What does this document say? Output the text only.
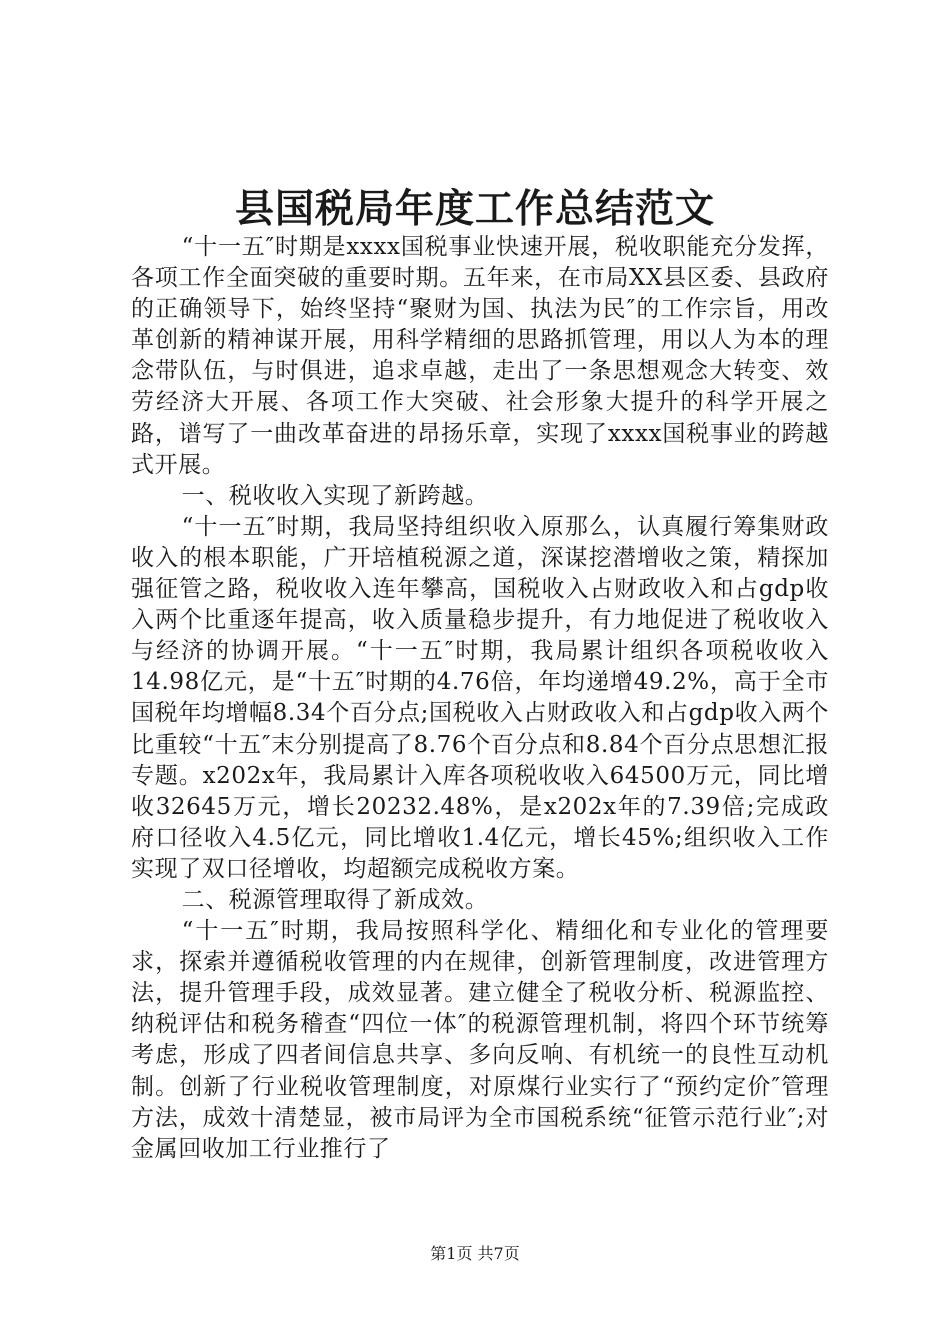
县国税局年度工作总结范文

“十一五″时期是xxxx国税事业快速开展，税收职能充分发挥，各项工作全面突破的重要时期。五年来，在市局XX县区委、县政府的正确领导下，始终坚持“聚财为国、执法为民″的工作宗旨，用改革创新的精神谋开展，用科学精细的思路抓管理，用以人为本的理念带队伍，与时俱进，追求卓越，走出了一条思想观念大转变、效劳经济大开展、各项工作大突破、社会形象大提升的科学开展之路，谱写了一曲改革奋进的昂扬乐章，实现了xxxx国税事业的跨越式开展。

一、税收收入实现了新跨越。

“十一五″时期，我局坚持组织收入原那么，认真履行筹集财政收入的根本职能，广开培植税源之道，深谋挖潜增收之策，精探加强征管之路，税收收入连年攀高，国税收入占财政收入和占gdp收入两个比重逐年提高，收入质量稳步提升，有力地促进了税收收入与经济的协调开展。“十一五″时期，我局累计组织各项税收收入14.98亿元，是“十五″时期的4.76倍，年均递增49.2%，高于全市国税年均增幅8.34个百分点;国税收入占财政收入和占gdp收入两个比重较“十五″末分别提高了8.76个百分点和8.84个百分点思想汇报专题。x202x年，我局累计入库各项税收收入64500万元，同比增收32645万元，增长20232.48%，是x202x年的7.39倍;完成政府口径收入4.5亿元，同比增收1.4亿元，增长45%;组织收入工作实现了双口径增收，均超额完成税收方案。

二、税源管理取得了新成效。

“十一五″时期，我局按照科学化、精细化和专业化的管理要求，探索并遵循税收管理的内在规律，创新管理制度，改进管理方法，提升管理手段，成效显著。建立健全了税收分析、税源监控、纳税评估和税务稽查“四位一体″的税源管理机制，将四个环节统筹考虑，形成了四者间信息共享、多向反响、有机统一的良性互动机制。创新了行业税收管理制度，对原煤行业实行了“预约定价″管理方法，成效十清楚显，被市局评为全市国税系统“征管示范行业″;对金属回收加工行业推行了

第1页 共7页
